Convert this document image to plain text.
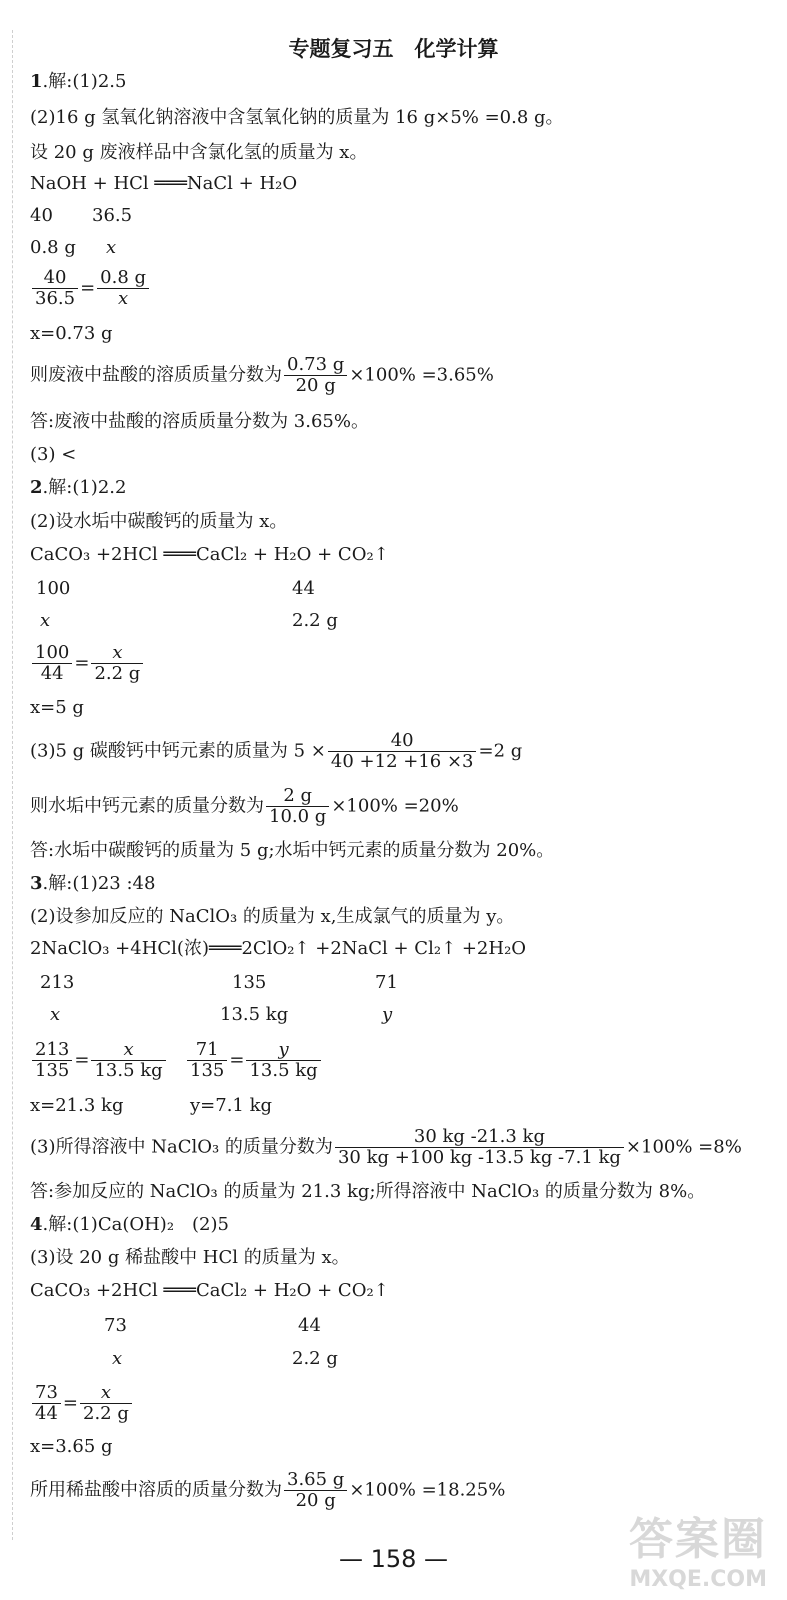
专题复习五　化学计算
1.解:(1)2.5
(2)16 g 氢氧化钠溶液中含氢氧化钠的质量为 16 g×5% =0.8 g。
设 20 g 废液样品中含氯化氢的质量为 x。
NaOH + HCl ═══NaCl + H₂O
40 36.5
0.8 g x
$\frac{40}{36.5} = \frac{0.8 g}{x}$
x=0.73 g
则废液中盐酸的溶质质量分数为 $\frac{0.73 g}{20 g} \times 100\% =3.65\%$
答:废液中盐酸的溶质质量分数为 3.65%。
(3) <
2.解:(1)2.2
(2)设水垢中碳酸钙的质量为 x。
CaCO₃ +2HCl ═══CaCl₂ + H₂O + CO₂↑
100	44
x	2.2 g
$\frac{100}{44} = \frac{x}{2.2 g}$
x=5 g
(3)5 g 碳酸钙中钙元素的质量为 $5 \times \frac{40}{40 +12 +16 \times 3} =2$ g
则水垢中钙元素的质量分数为 $\frac{2 g}{10.0 g} \times 100\% =20\%$
答:水垢中碳酸钙的质量为 5 g;水垢中钙元素的质量分数为 20%。
3.解:(1)23 :48
(2)设参加反应的 NaClO₃ 的质量为 x,生成氯气的质量为 y。
2NaClO₃ +4HCl(浓)═══2ClO₂↑ +2NaCl + Cl₂↑ +2H₂O
213	135	71
x	13.5 kg	y
$\frac{213}{135} = \frac{x}{13.5 kg} \frac{71}{135} = \frac{y}{13.5 kg}$
x=21.3 kg	y=7.1 kg
(3)所得溶液中 NaClO₃ 的质量分数为 $\frac{30 kg -21.3 kg}{30 kg +100 kg -13.5 kg -7.1 kg} \times 100\% =8\%$
答:参加反应的 NaClO₃ 的质量为 21.3 kg;所得溶液中 NaClO₃ 的质量分数为 8%。
4.解:(1)Ca(OH)₂　(2)5
(3)设 20 g 稀盐酸中 HCl 的质量为 x。
CaCO₃ +2HCl ═══CaCl₂ + H₂O + CO₂↑
73	44
x	2.2 g
$\frac{73}{44} = \frac{x}{2.2 g}$
x=3.65 g
所用稀盐酸中溶质的质量分数为 $\frac{3.65 g}{20 g} \times 100\% =18.25\%$
— 158 —	答案圈
MXQE.COM
